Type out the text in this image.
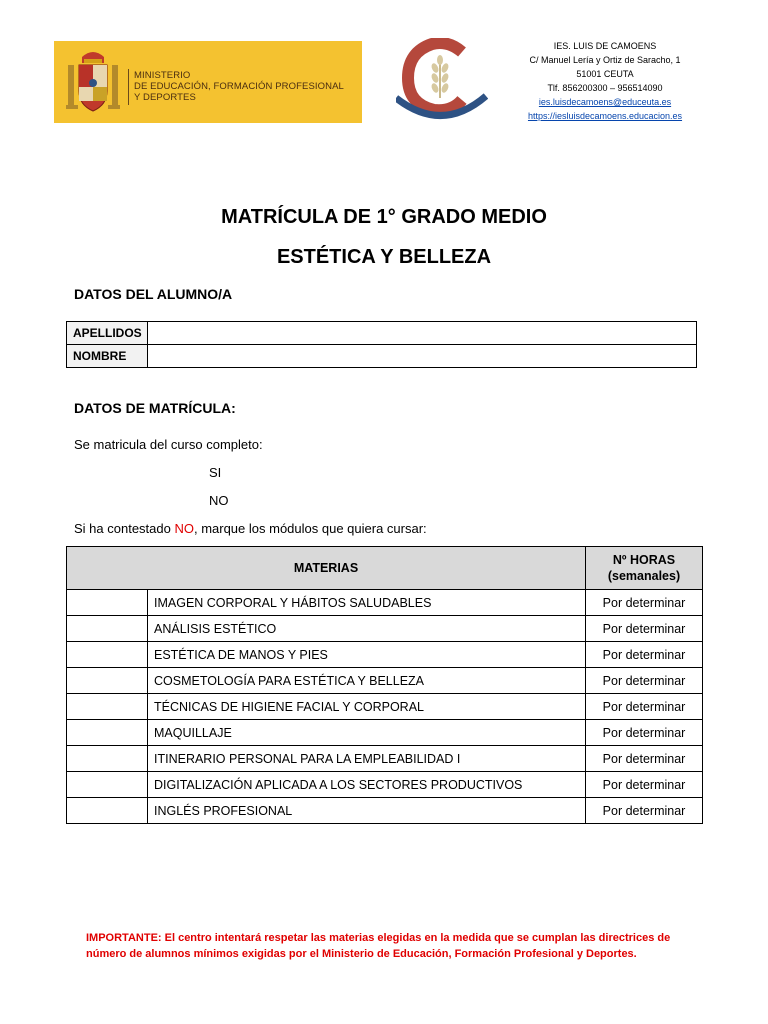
MINISTERIO
DE EDUCACIÓN, FORMACIÓN PROFESIONAL
Y DEPORTES
IES. LUIS DE CAMOENS
C/ Manuel Lería y Ortiz de Saracho, 1
51001 CEUTA
Tlf. 856200300 – 956514090
ies.luisdecamoens@educeuta.es
https://iesluisdecamoens.educacion.es
MATRÍCULA DE 1° GRADO MEDIO
ESTÉTICA Y BELLEZA
DATOS DEL ALUMNO/A
APELLIDOS	
NOMBRE	
DATOS DE MATRÍCULA:
Se matricula del curso completo:
SI
NO
Si ha contestado NO, marque los módulos que quiera cursar:
MATERIAS		Nº HORAS
(semanales)

	IMAGEN CORPORAL Y HÁBITOS SALUDABLES	Por determinar
	ANÁLISIS ESTÉTICO	Por determinar
	ESTÉTICA DE MANOS Y PIES	Por determinar
	COSMETOLOGÍA PARA ESTÉTICA Y BELLEZA	Por determinar
	TÉCNICAS DE HIGIENE FACIAL Y CORPORAL	Por determinar
	MAQUILLAJE	Por determinar
	ITINERARIO PERSONAL PARA LA EMPLEABILIDAD I	Por determinar
	DIGITALIZACIÓN APLICADA A LOS SECTORES PRODUCTIVOS	Por determinar
	INGLÉS PROFESIONAL	Por determinar
IMPORTANTE: El centro intentará respetar las materias elegidas en la medida que se cumplan las directrices de número de alumnos mínimos exigidas por el Ministerio de Educación, Formación Profesional y Deportes.
